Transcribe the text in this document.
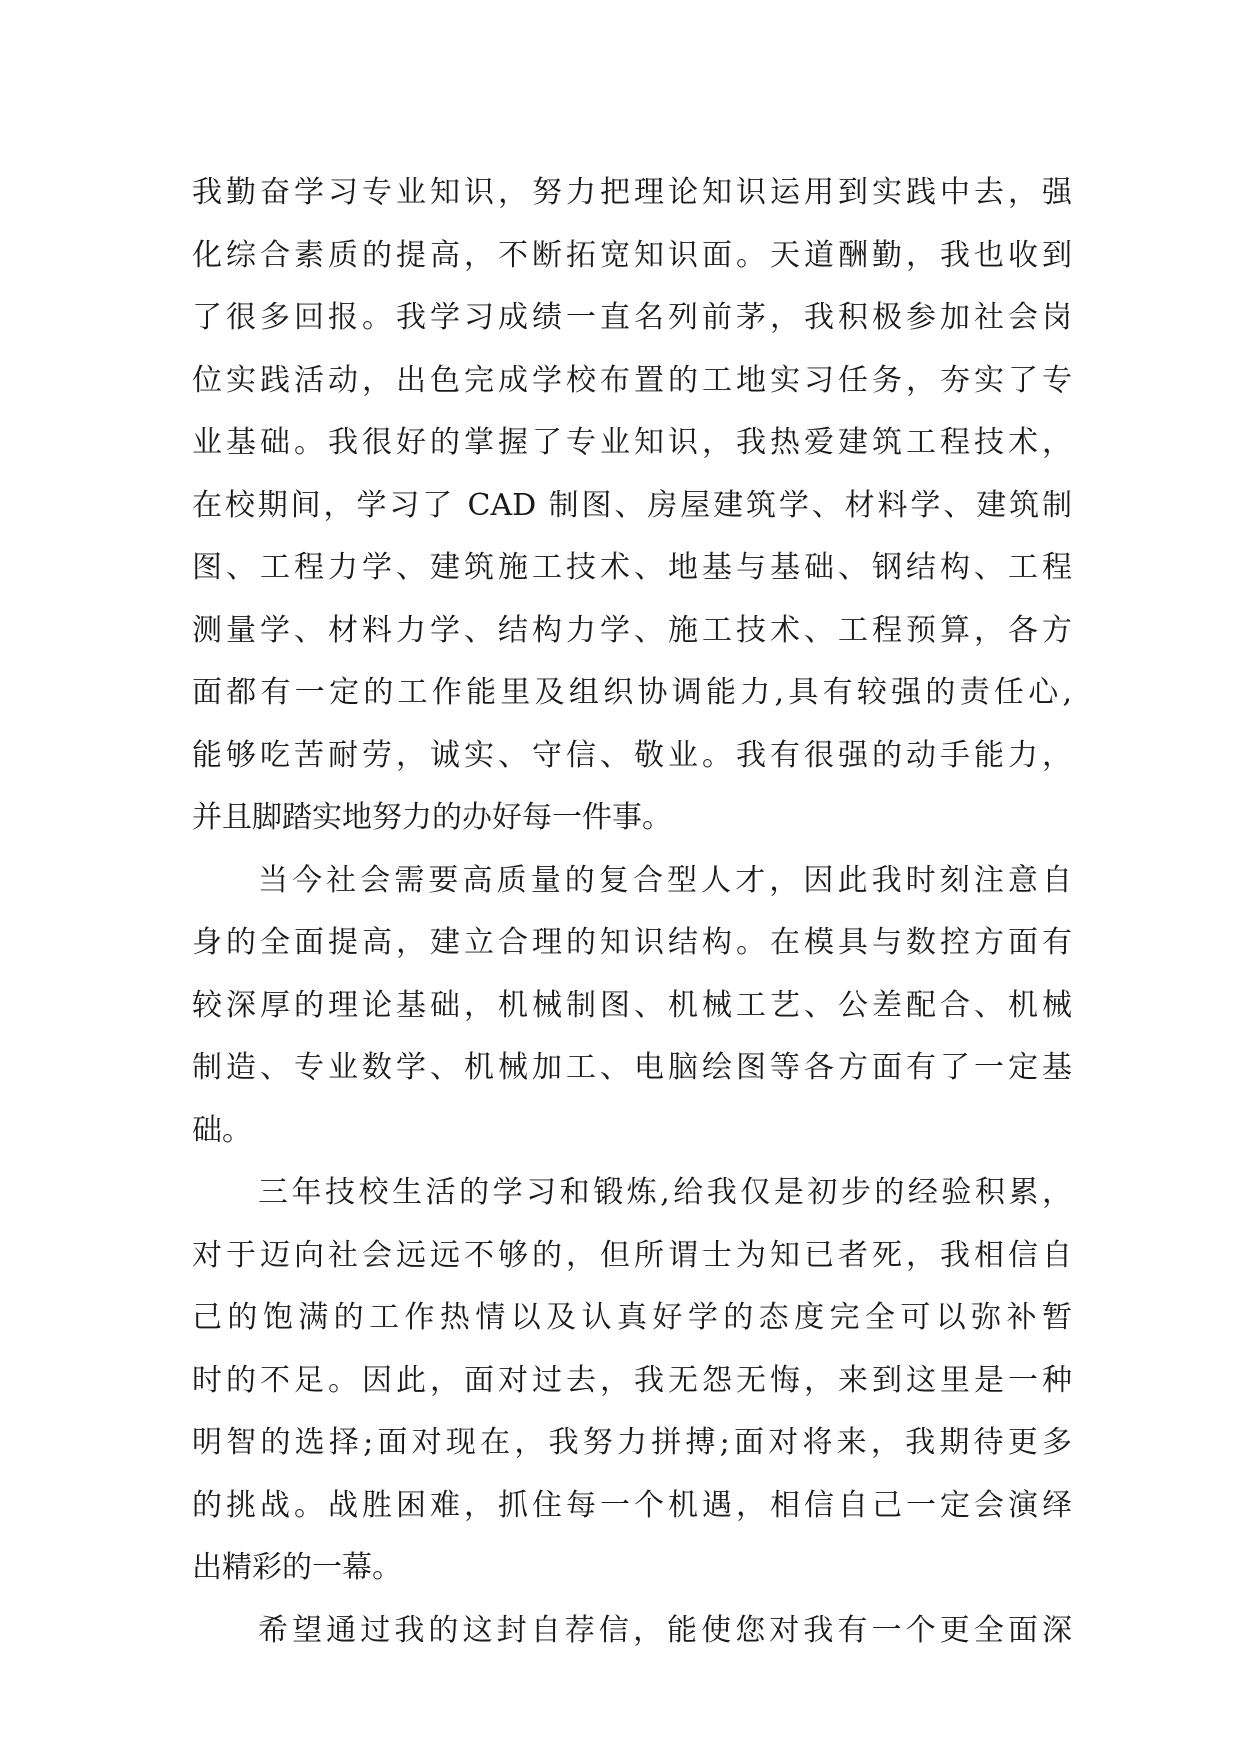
我勤奋学习专业知识，努力把理论知识运用到实践中去，强
化综合素质的提高，不断拓宽知识面。天道酬勤，我也收到
了很多回报。我学习成绩一直名列前茅，我积极参加社会岗
位实践活动，出色完成学校布置的工地实习任务，夯实了专
业基础。我很好的掌握了专业知识，我热爱建筑工程技术，
在校期间，学习了 CAD 制图、房屋建筑学、材料学、建筑制
图、工程力学、建筑施工技术、地基与基础、钢结构、工程
测量学、材料力学、结构力学、施工技术、工程预算，各方
面都有一定的工作能里及组织协调能力,具有较强的责任心,
能够吃苦耐劳，诚实、守信、敬业。我有很强的动手能力，
并且脚踏实地努力的办好每一件事。
当今社会需要高质量的复合型人才，因此我时刻注意自
身的全面提高，建立合理的知识结构。在模具与数控方面有
较深厚的理论基础，机械制图、机械工艺、公差配合、机械
制造、专业数学、机械加工、电脑绘图等各方面有了一定基
础。
三年技校生活的学习和锻炼,给我仅是初步的经验积累，
对于迈向社会远远不够的，但所谓士为知已者死，我相信自
己的饱满的工作热情以及认真好学的态度完全可以弥补暂
时的不足。因此，面对过去，我无怨无悔，来到这里是一种
明智的选择;面对现在，我努力拼搏;面对将来，我期待更多
的挑战。战胜困难，抓住每一个机遇，相信自己一定会演绎
出精彩的一幕。
希望通过我的这封自荐信，能使您对我有一个更全面深
